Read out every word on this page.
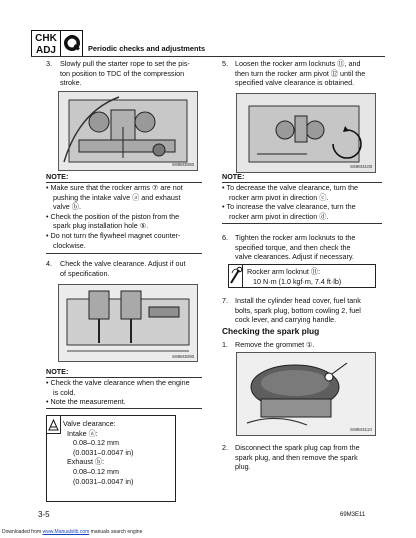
CHK
ADJ	Periodic checks and adjustments
3. Slowly pull the starter rope to set the pis-
ton position to TDC of the compression
stroke.
S69M3080
NOTE:
• Make sure that the rocker arms ⑦ are not
pushing the intake valve ⓐ and exhaust
valve ⓑ.
• Check the position of the piston from the
spark plug installation hole ⑤.
• Do not turn the flywheel magnet counter-
clockwise.
4. Check the valve clearance. Adjust if out
of specification.
S69M3090
NOTE:
• Check the valve clearance when the engine
is cold.
• Note the measurement.
Valve clearance:
Intake ⓐ:
0.08–0.12 mm
(0.0031–0.0047 in)
Exhaust ⓑ:
0.08–0.12 mm
(0.0031–0.0047 in)
5. Loosen the rocker arm locknuts ⑪, and
then turn the rocker arm pivot ⑫ until the
specified valve clearance is obtained.
S69M3100
NOTE:
• To decrease the valve clearance, turn the
rocker arm pivot in direction ⓒ.
• To increase the valve clearance, turn the
rocker arm pivot in direction ⓓ.
6. Tighten the rocker arm locknuts to the
specified torque, and then check the
valve clearances. Adjust if necessary.
Rocker arm locknut ⑪:
10 N·m (1.0 kgf·m, 7.4 ft·lb)
7. Install the cylinder head cover, fuel tank
bolts, spark plug, bottom cowling 2, fuel
cock lever, and carrying handle.
Checking the spark plug
1. Remove the grommet ①.
S69M3110
2. Disconnect the spark plug cap from the
spark plug, and then remove the spark
plug.
3-5	69M3E11
Downloaded from www.Manualslib.com manuals search engine
